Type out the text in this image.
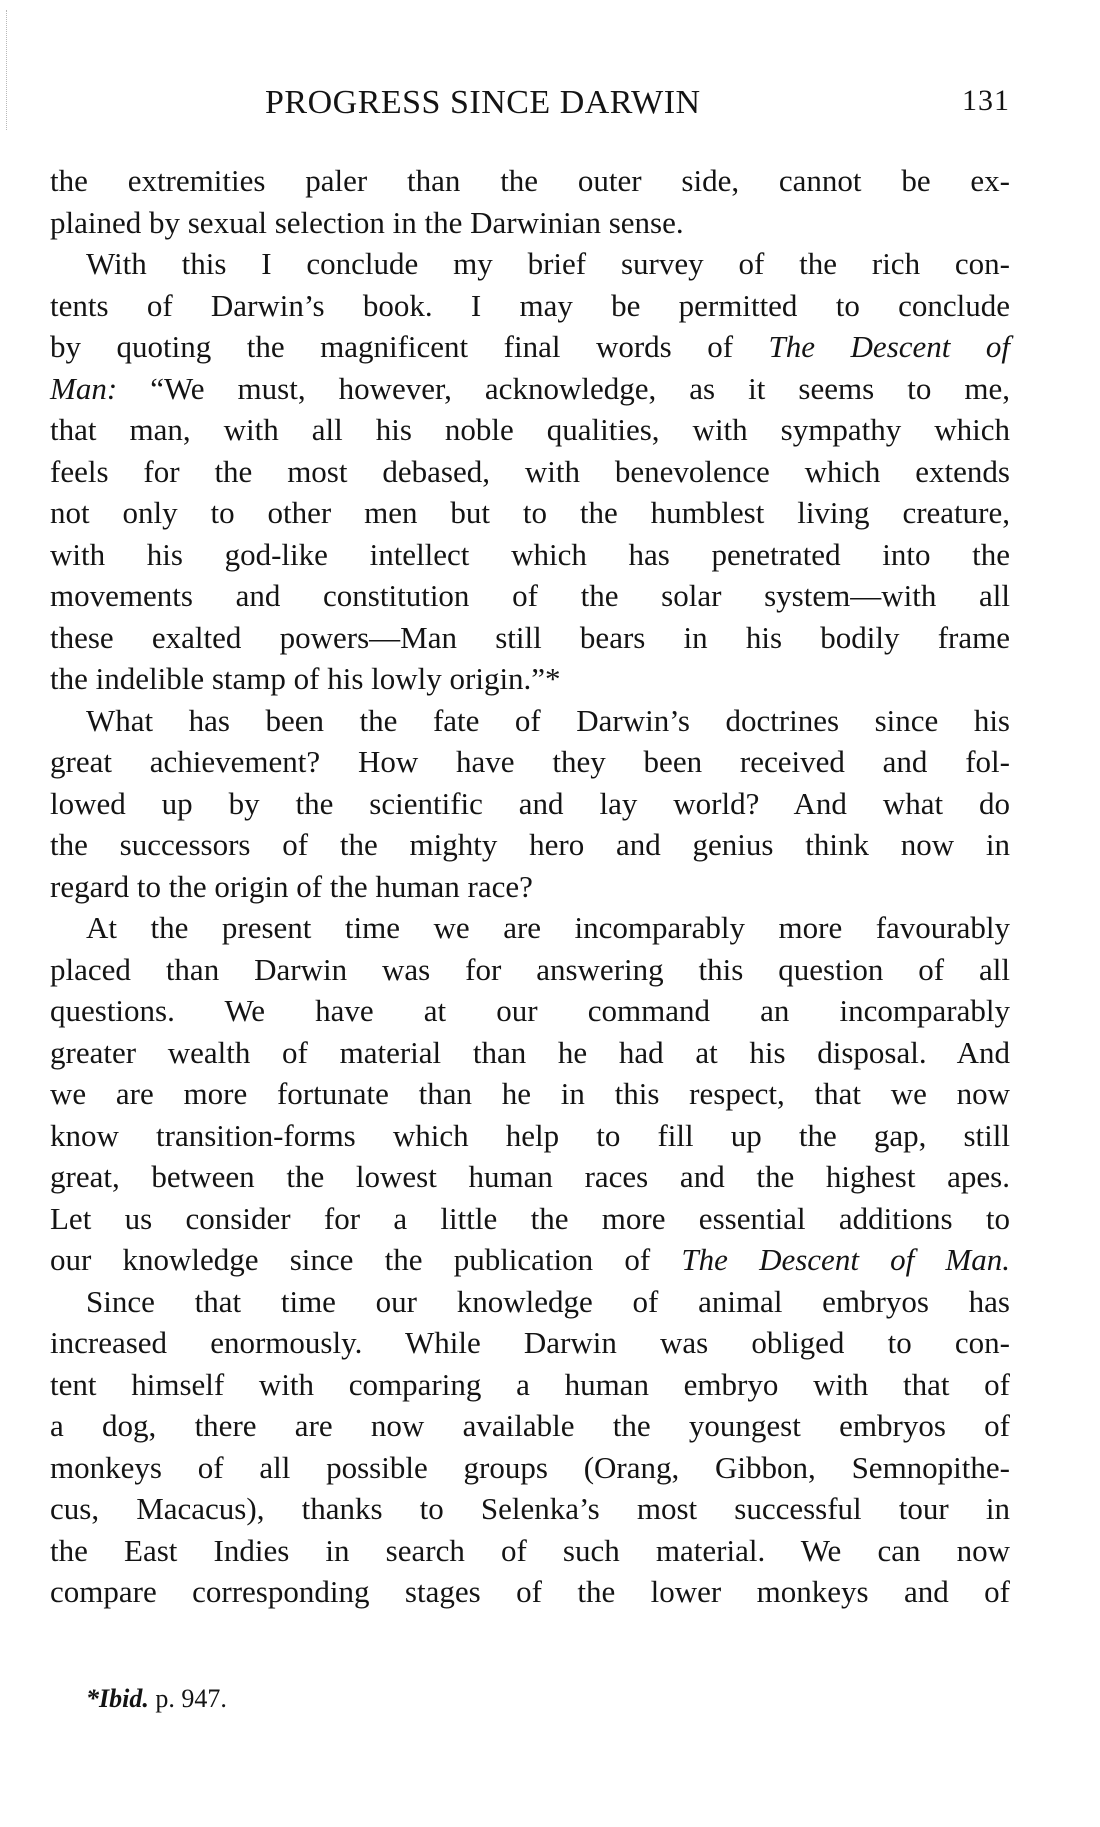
PROGRESS SINCE DARWIN	131
the extremities paler than the outer side, cannot be ex-
plained by sexual selection in the Darwinian sense.
With this I conclude my brief survey of the rich con-
tents of Darwin’s book. I may be permitted to conclude
by quoting the magnificent final words of The Descent of
Man: “We must, however, acknowledge, as it seems to me,
that man, with all his noble qualities, with sympathy which
feels for the most debased, with benevolence which extends
not only to other men but to the humblest living creature,
with his god-like intellect which has penetrated into the
movements and constitution of the solar system—with all
these exalted powers—Man still bears in his bodily frame
the indelible stamp of his lowly origin.”*
What has been the fate of Darwin’s doctrines since his
great achievement? How have they been received and fol-
lowed up by the scientific and lay world? And what do
the successors of the mighty hero and genius think now in
regard to the origin of the human race?
At the present time we are incomparably more favourably
placed than Darwin was for answering this question of all
questions. We have at our command an incomparably
greater wealth of material than he had at his disposal. And
we are more fortunate than he in this respect, that we now
know transition-forms which help to fill up the gap, still
great, between the lowest human races and the highest apes.
Let us consider for a little the more essential additions to
our knowledge since the publication of The Descent of Man.
Since that time our knowledge of animal embryos has
increased enormously. While Darwin was obliged to con-
tent himself with comparing a human embryo with that of
a dog, there are now available the youngest embryos of
monkeys of all possible groups (Orang, Gibbon, Semnopithe-
cus, Macacus), thanks to Selenka’s most successful tour in
the East Indies in search of such material. We can now
compare corresponding stages of the lower monkeys and of
*Ibid. p. 947.
